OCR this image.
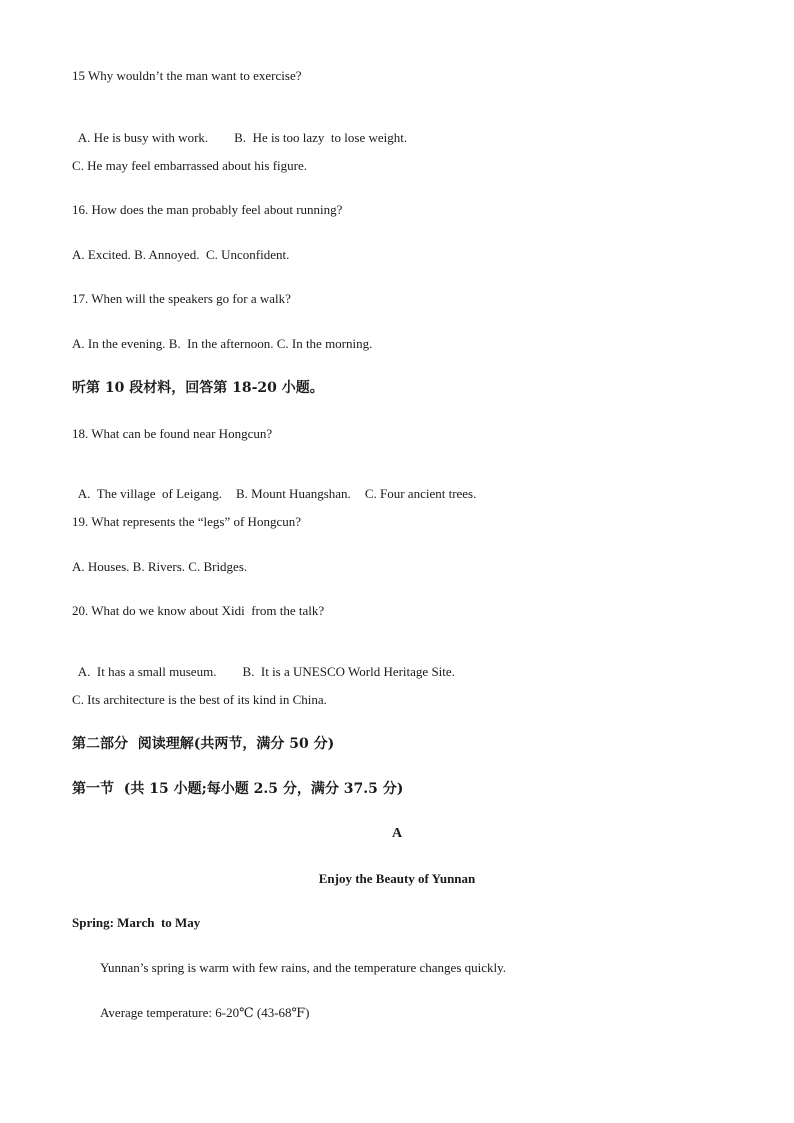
15 Why wouldn’t the man want to exercise?

A. He is busy with work. B.  He is too lazy  to lose weight.

C. He may feel embarrassed about his figure.
16. How does the man probably feel about running?
A. Excited. B. Annoyed.  C. Unconfident.
17. When will the speakers go for a walk?
A. In the evening. B.  In the afternoon. C. In the morning.
听第 10 段材料，回答第 18-20 小题。
18. What can be found near Hongcun?

A.  The village  of Leigang. B. Mount Huangshan. C. Four ancient trees.

19. What represents the “legs” of Hongcun?
A. Houses. B. Rivers. C. Bridges.
20. What do we know about Xidi  from the talk?

A.  It has a small museum. B.  It is a UNESCO World Heritage Site.

C. Its architecture is the best of its kind in China.
第二部分  阅读理解(共两节，满分 50 分)
第一节  (共 15 小题;每小题 2.5 分，满分 37.5 分)
A
Enjoy the Beauty of Yunnan
Spring: March  to May
Yunnan’s spring is warm with few rains, and the temperature changes quickly.
Average temperature: 6-20℃ (43-68℉)
